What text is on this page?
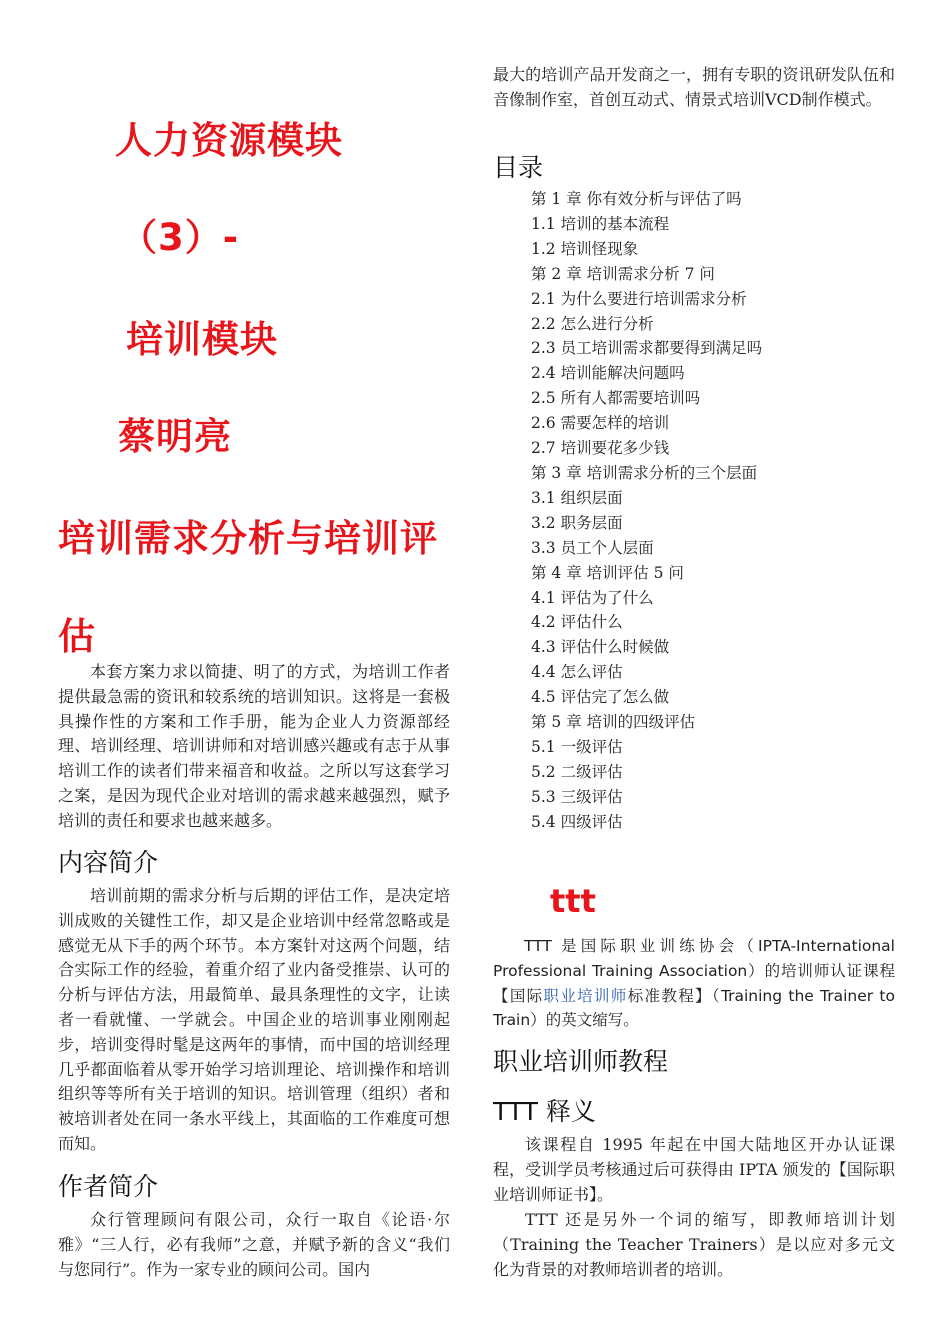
人力资源模块
（3）-
培训模块
蔡明亮
培训需求分析与培训评
估

本套方案力求以简捷、明了的方式，为培训工作者提供最急需的资讯和较系统的培训知识。这将是一套极具操作性的方案和工作手册，能为企业人力资源部经理、培训经理、培训讲师和对培训感兴趣或有志于从事培训工作的读者们带来福音和收益。之所以写这套学习之案，是因为现代企业对培训的需求越来越强烈，赋予培训的责任和要求也越来越多。

内容简介

培训前期的需求分析与后期的评估工作，是决定培训成败的关键性工作，却又是企业培训中经常忽略或是感觉无从下手的两个环节。本方案针对这两个问题，结合实际工作的经验，着重介绍了业内备受推崇、认可的分析与评估方法，用最简单、最具条理性的文字，让读者一看就懂、一学就会。中国企业的培训事业刚刚起步，培训变得时髦是这两年的事情，而中国的培训经理几乎都面临着从零开始学习培训理论、培训操作和培训组织等等所有关于培训的知识。培训管理（组织）者和被培训者处在同一条水平线上，其面临的工作难度可想而知。

作者简介

众行管理顾问有限公司，众行一取自《论语·尔雅》“三人行，必有我师”之意，并赋予新的含义“我们与您同行”。作为一家专业的顾问公司。国内

最大的培训产品开发商之一，拥有专职的资讯研发队伍和音像制作室，首创互动式、情景式培训VCD制作模式。

目录
第 1 章 你有效分析与评估了吗
1.1 培训的基本流程
1.2 培训怪现象
第 2 章 培训需求分析 7 问
2.1 为什么要进行培训需求分析
2.2 怎么进行分析
2.3 员工培训需求都要得到满足吗
2.4 培训能解决问题吗
2.5 所有人都需要培训吗
2.6 需要怎样的培训
2.7 培训要花多少钱
第 3 章 培训需求分析的三个层面
3.1 组织层面
3.2 职务层面
3.3 员工个人层面
第 4 章 培训评估 5 问
4.1 评估为了什么
4.2 评估什么
4.3 评估什么时候做
4.4 怎么评估
4.5 评估完了怎么做
第 5 章 培训的四级评估
5.1 一级评估
5.2 二级评估
5.3 三级评估
5.4 四级评估
ttt

TTT 是国际职业训练协会（IPTA-International Professional Training Association）的培训师认证课程【国际职业培训师标准教程】（Training the Trainer to Train）的英文缩写。

职业培训师教程
TTT 释义

该课程自 1995 年起在中国大陆地区开办认证课程，受训学员考核通过后可获得由 IPTA 颁发的【国际职业培训师证书】。

TTT 还是另外一个词的缩写，即教师培训计划（Training the Teacher Trainers）是以应对多元文化为背景的对教师培训者的培训。
